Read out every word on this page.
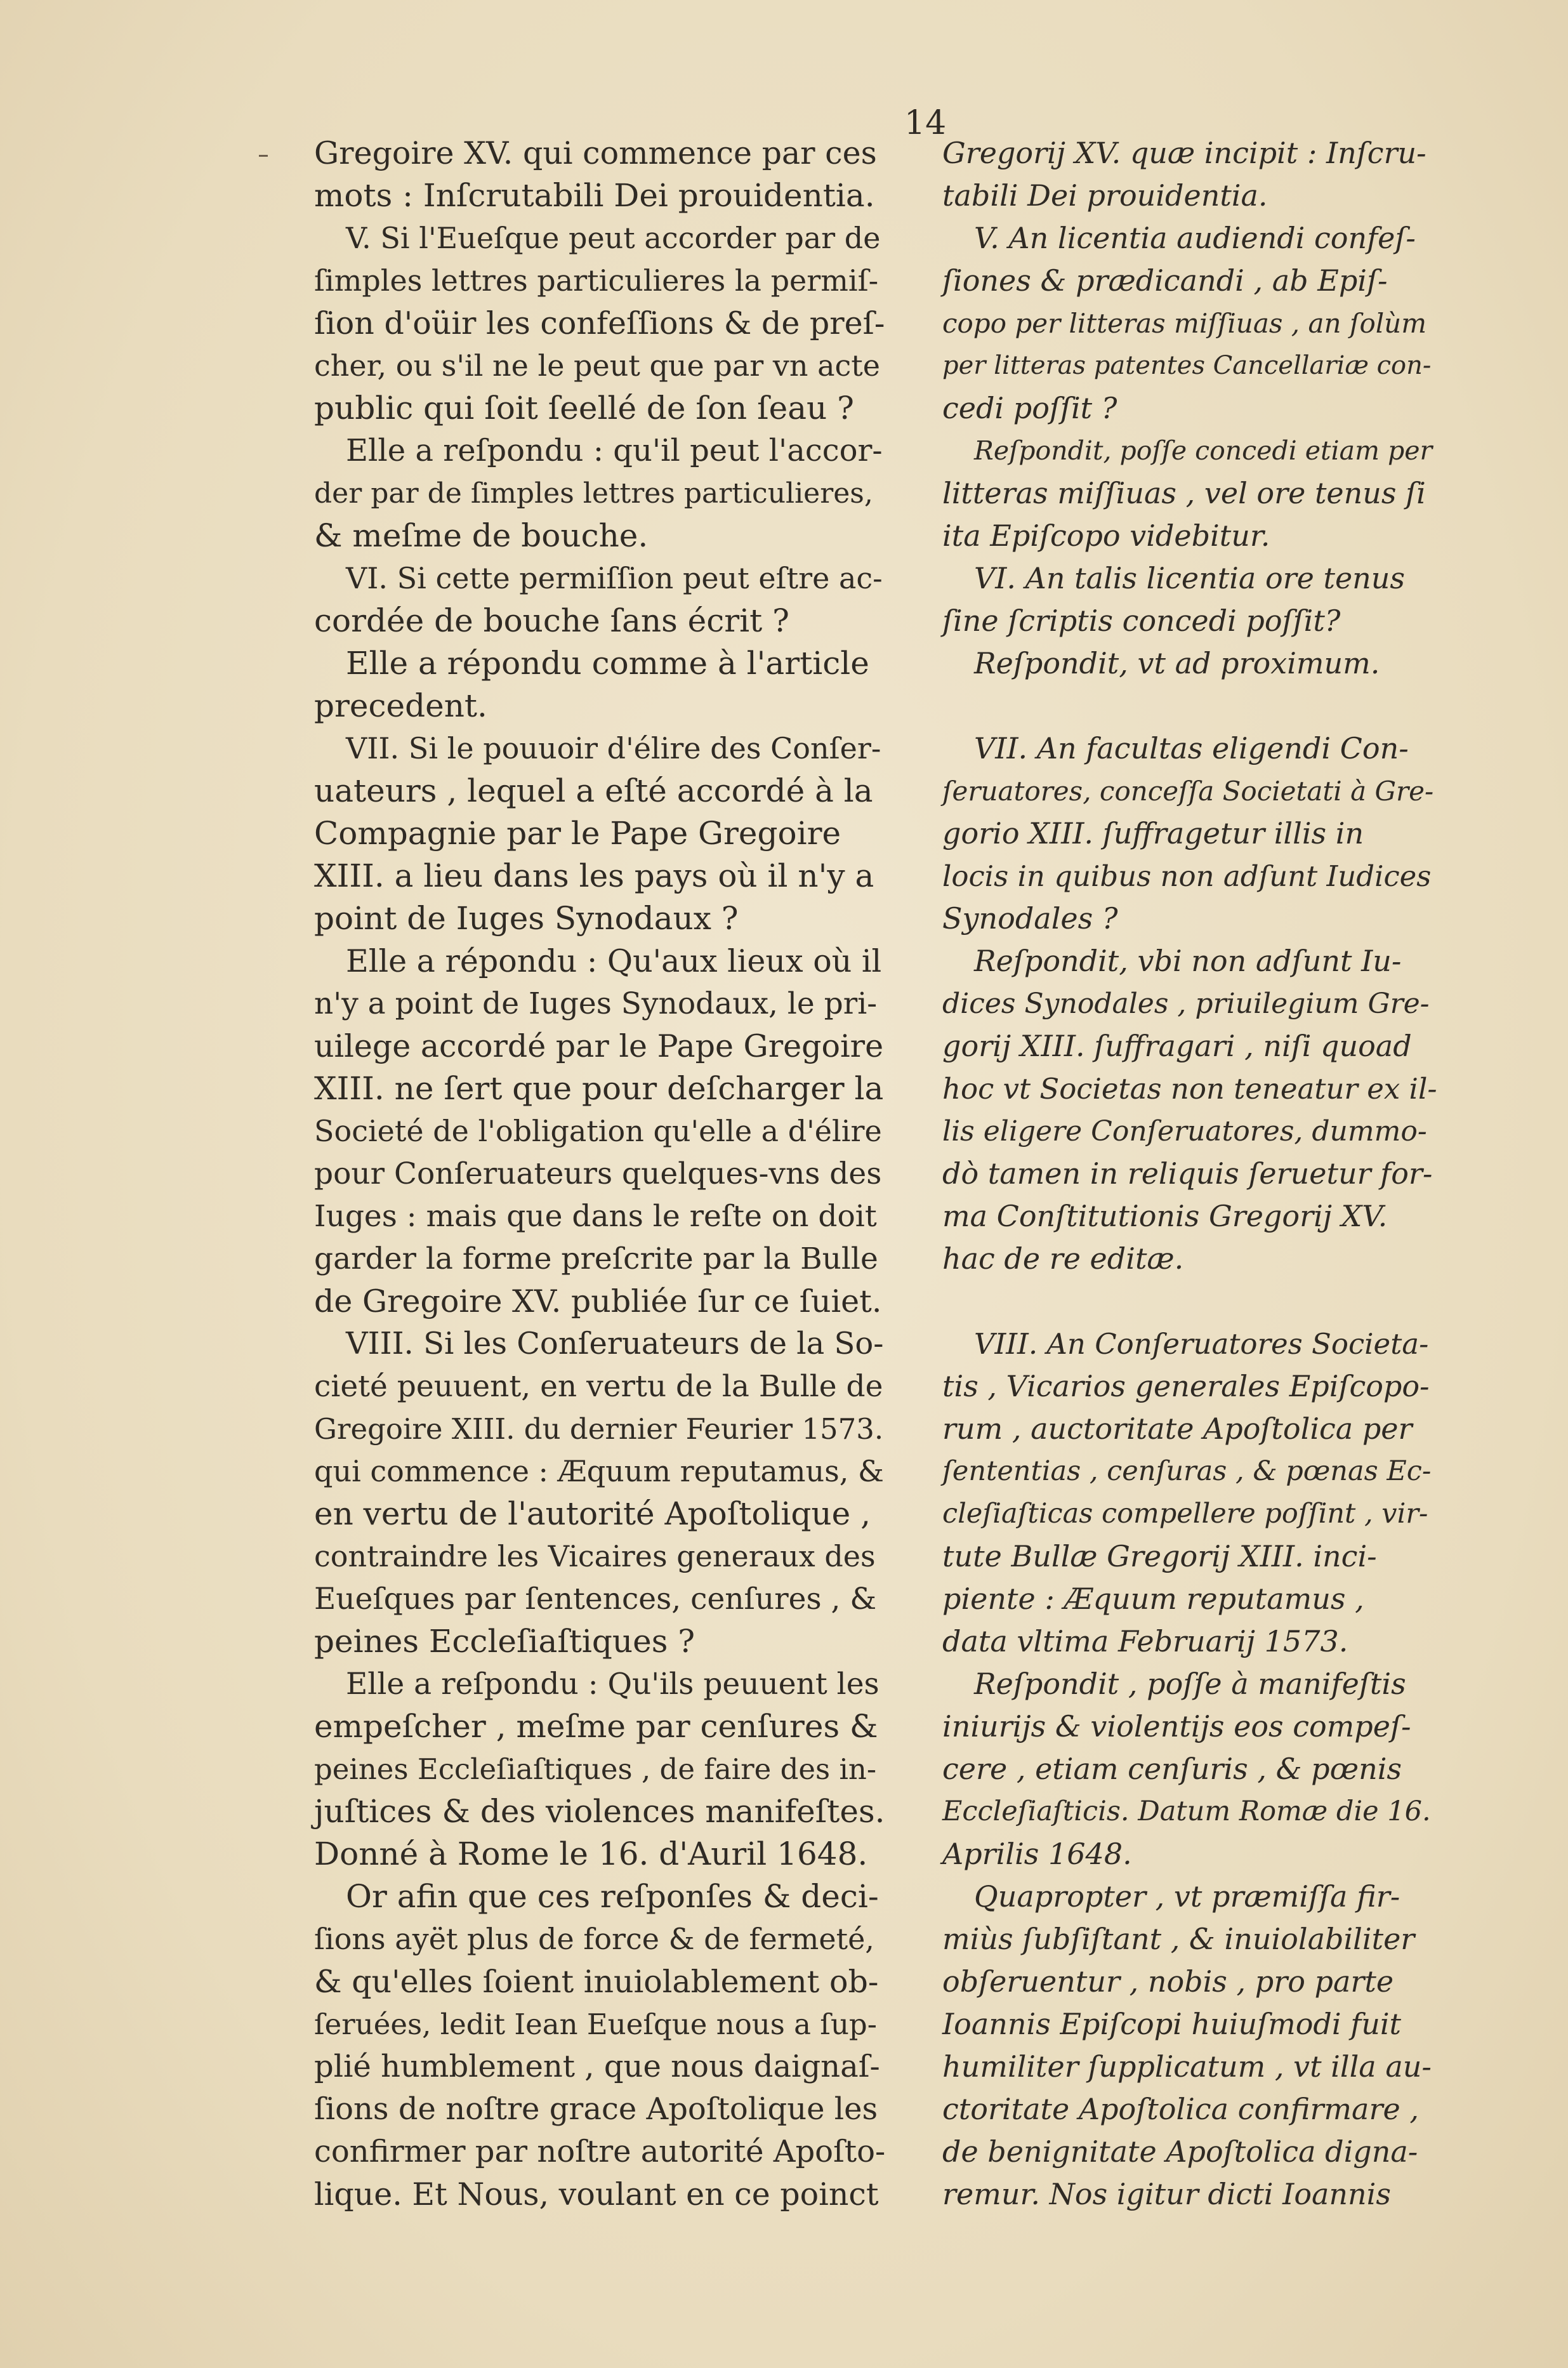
14
Gregoire XV. qui commence par ces
mots : Inſcrutabili Dei prouidentia.
V. Si l'Eueſque peut accorder par de
ſimples lettres particulieres la permiſ-
ſion d'oüir les confeſſions & de preſ-
cher, ou s'il ne le peut que par vn acte
public qui ſoit ſeellé de ſon ſeau ?
Elle a reſpondu : qu'il peut l'accor-
der par de ſimples lettres particulieres,
& meſme de bouche.
VI. Si cette permiſſion peut eſtre ac-
cordée de bouche ſans écrit ?
Elle a répondu comme à l'article
precedent.
VII. Si le pouuoir d'élire des Conſer-
uateurs , lequel a eſté accordé à la
Compagnie par le Pape Gregoire
XIII. a lieu dans les pays où il n'y a
point de Iuges Synodaux ?
Elle a répondu : Qu'aux lieux où il
n'y a point de Iuges Synodaux, le pri-
uilege accordé par le Pape Gregoire
XIII. ne ſert que pour deſcharger la
Societé de l'obligation qu'elle a d'élire
pour Conſeruateurs quelques-vns des
Iuges : mais que dans le reſte on doit
garder la forme preſcrite par la Bulle
de Gregoire XV. publiée ſur ce ſuiet.
VIII. Si les Conſeruateurs de la So-
cieté peuuent, en vertu de la Bulle de
Gregoire XIII. du dernier Feurier 1573.
qui commence : Æquum reputamus, &
en vertu de l'autorité Apoſtolique ,
contraindre les Vicaires generaux des
Eueſques par ſentences, cenſures , &
peines Eccleſiaſtiques ?
Elle a reſpondu : Qu'ils peuuent les
empeſcher , meſme par cenſures &
peines Eccleſiaſtiques , de faire des in-
juſtices & des violences manifeſtes.
Donné à Rome le 16. d'Auril 1648.
Or afin que ces reſponſes & deci-
ſions ayët plus de force & de fermeté,
& qu'elles ſoient inuiolablement ob-
ſeruées, ledit Iean Eueſque nous a ſup-
plié humblement , que nous daignaſ-
ſions de noſtre grace Apoſtolique les
confirmer par noſtre autorité Apoſto-
lique. Et Nous, voulant en ce poinct
Gregorij XV. quæ incipit : Inſcru-
tabili Dei prouidentia.
V. An licentia audiendi confeſ-
ſiones & prædicandi , ab Epiſ-
copo per litteras miſſiuas , an ſolùm
per litteras patentes Cancellariæ con-
cedi poſſit ?
Reſpondit, poſſe concedi etiam per
litteras miſſiuas , vel ore tenus ſi
ita Epiſcopo videbitur.
VI. An talis licentia ore tenus
ſine ſcriptis concedi poſſit?
Reſpondit, vt ad proximum.
VII. An facultas eligendi Con-
ſeruatores, conceſſa Societati à Gre-
gorio XIII. ſuffragetur illis in
locis in quibus non adſunt Iudices
Synodales ?
Reſpondit, vbi non adſunt Iu-
dices Synodales , priuilegium Gre-
gorij XIII. ſuffragari , niſi quoad
hoc vt Societas non teneatur ex il-
lis eligere Conſeruatores, dummo-
dò tamen in reliquis ſeruetur for-
ma Conſtitutionis Gregorij XV.
hac de re editæ.
VIII. An Conſeruatores Societa-
tis , Vicarios generales Epiſcopo-
rum , auctoritate Apoſtolica per
ſententias , cenſuras , & pœnas Ec-
cleſiaſticas compellere poſſint , vir-
tute Bullæ Gregorij XIII. inci-
piente : Æquum reputamus ,
data vltima Februarij 1573.
Reſpondit , poſſe à manifeſtis
iniurijs & violentijs eos compeſ-
cere , etiam cenſuris , & pœnis
Eccleſiaſticis. Datum Romæ die 16.
Aprilis 1648.
Quapropter , vt præmiſſa fir-
miùs ſubſiſtant , & inuiolabiliter
obſeruentur , nobis , pro parte
Ioannis Epiſcopi huiuſmodi fuit
humiliter ſupplicatum , vt illa au-
ctoritate Apoſtolica confirmare ,
de benignitate Apoſtolica digna-
remur. Nos igitur dicti Ioannis
